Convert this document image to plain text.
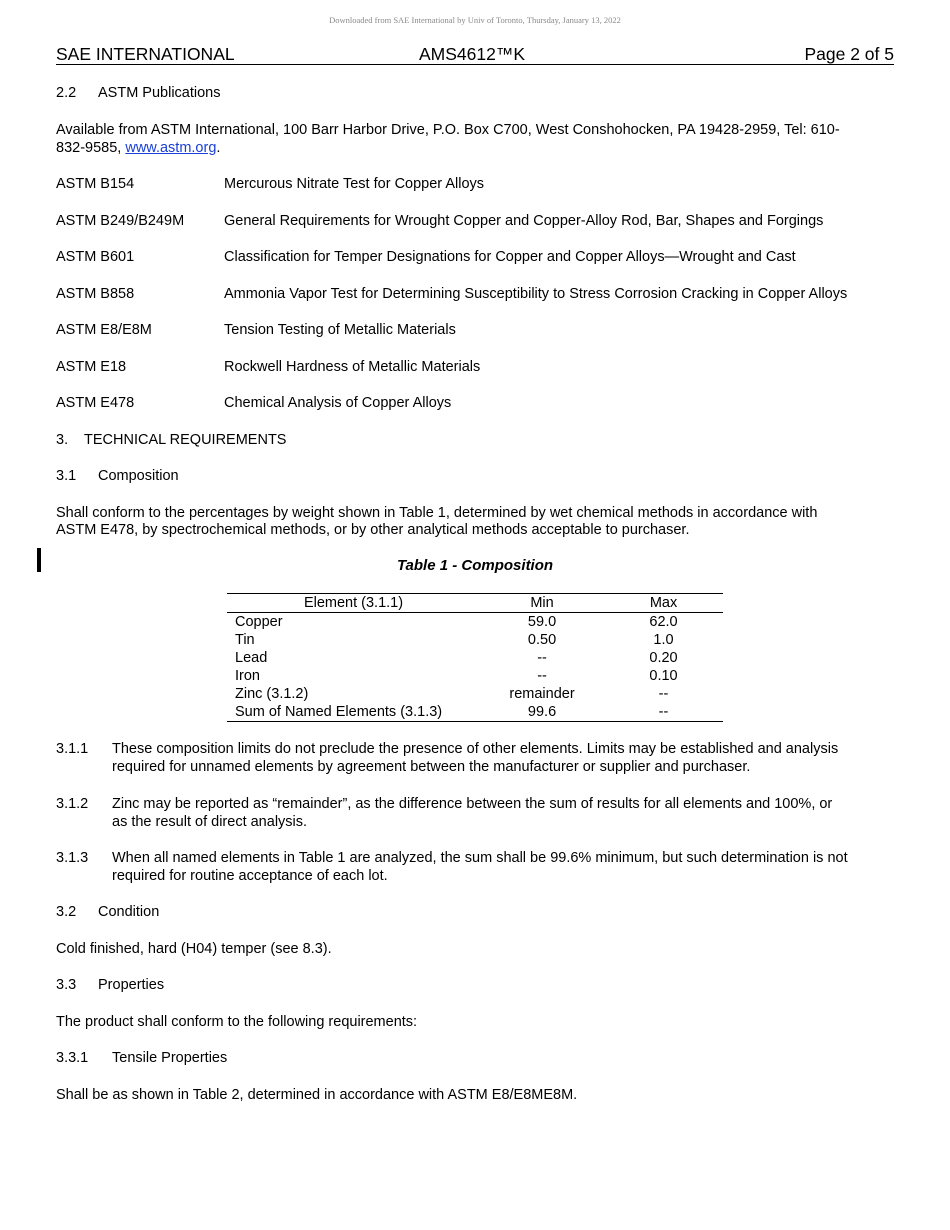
Downloaded from SAE International by Univ of Toronto, Thursday, January 13, 2022
SAE INTERNATIONAL	AMS4612™K	Page 2 of 5
2.2 ASTM Publications
Available from ASTM International, 100 Barr Harbor Drive, P.O. Box C700, West Conshohocken, PA 19428-2959, Tel: 610-
832-9585, www.astm.org.
ASTM B154	Mercurous Nitrate Test for Copper Alloys
ASTM B249/B249M	General Requirements for Wrought Copper and Copper-Alloy Rod, Bar, Shapes and Forgings
ASTM B601	Classification for Temper Designations for Copper and Copper Alloys—Wrought and Cast
ASTM B858	Ammonia Vapor Test for Determining Susceptibility to Stress Corrosion Cracking in Copper Alloys
ASTM E8/E8M	Tension Testing of Metallic Materials
ASTM E18	Rockwell Hardness of Metallic Materials
ASTM E478	Chemical Analysis of Copper Alloys
3. TECHNICAL REQUIREMENTS
3.1 Composition
Shall conform to the percentages by weight shown in Table 1, determined by wet chemical methods in accordance with
ASTM E478, by spectrochemical methods, or by other analytical methods acceptable to purchaser.
Table 1 - Composition
Element (3.1.1)	Min	Max
Copper	59.0	62.0
Tin	0.50	1.0
Lead	--	0.20
Iron	--	0.10
Zinc (3.1.2)	remainder	--
Sum of Named Elements (3.1.3)	99.6	--
3.1.1 These composition limits do not preclude the presence of other elements. Limits may be established and analysis
required for unnamed elements by agreement between the manufacturer or supplier and purchaser.
3.1.2 Zinc may be reported as “remainder”, as the difference between the sum of results for all elements and 100%, or
as the result of direct analysis.
3.1.3 When all named elements in Table 1 are analyzed, the sum shall be 99.6% minimum, but such determination is not
required for routine acceptance of each lot.
3.2 Condition
Cold finished, hard (H04) temper (see 8.3).
3.3 Properties
The product shall conform to the following requirements:
3.3.1 Tensile Properties
Shall be as shown in Table 2, determined in accordance with ASTM E8/E8ME8M.
